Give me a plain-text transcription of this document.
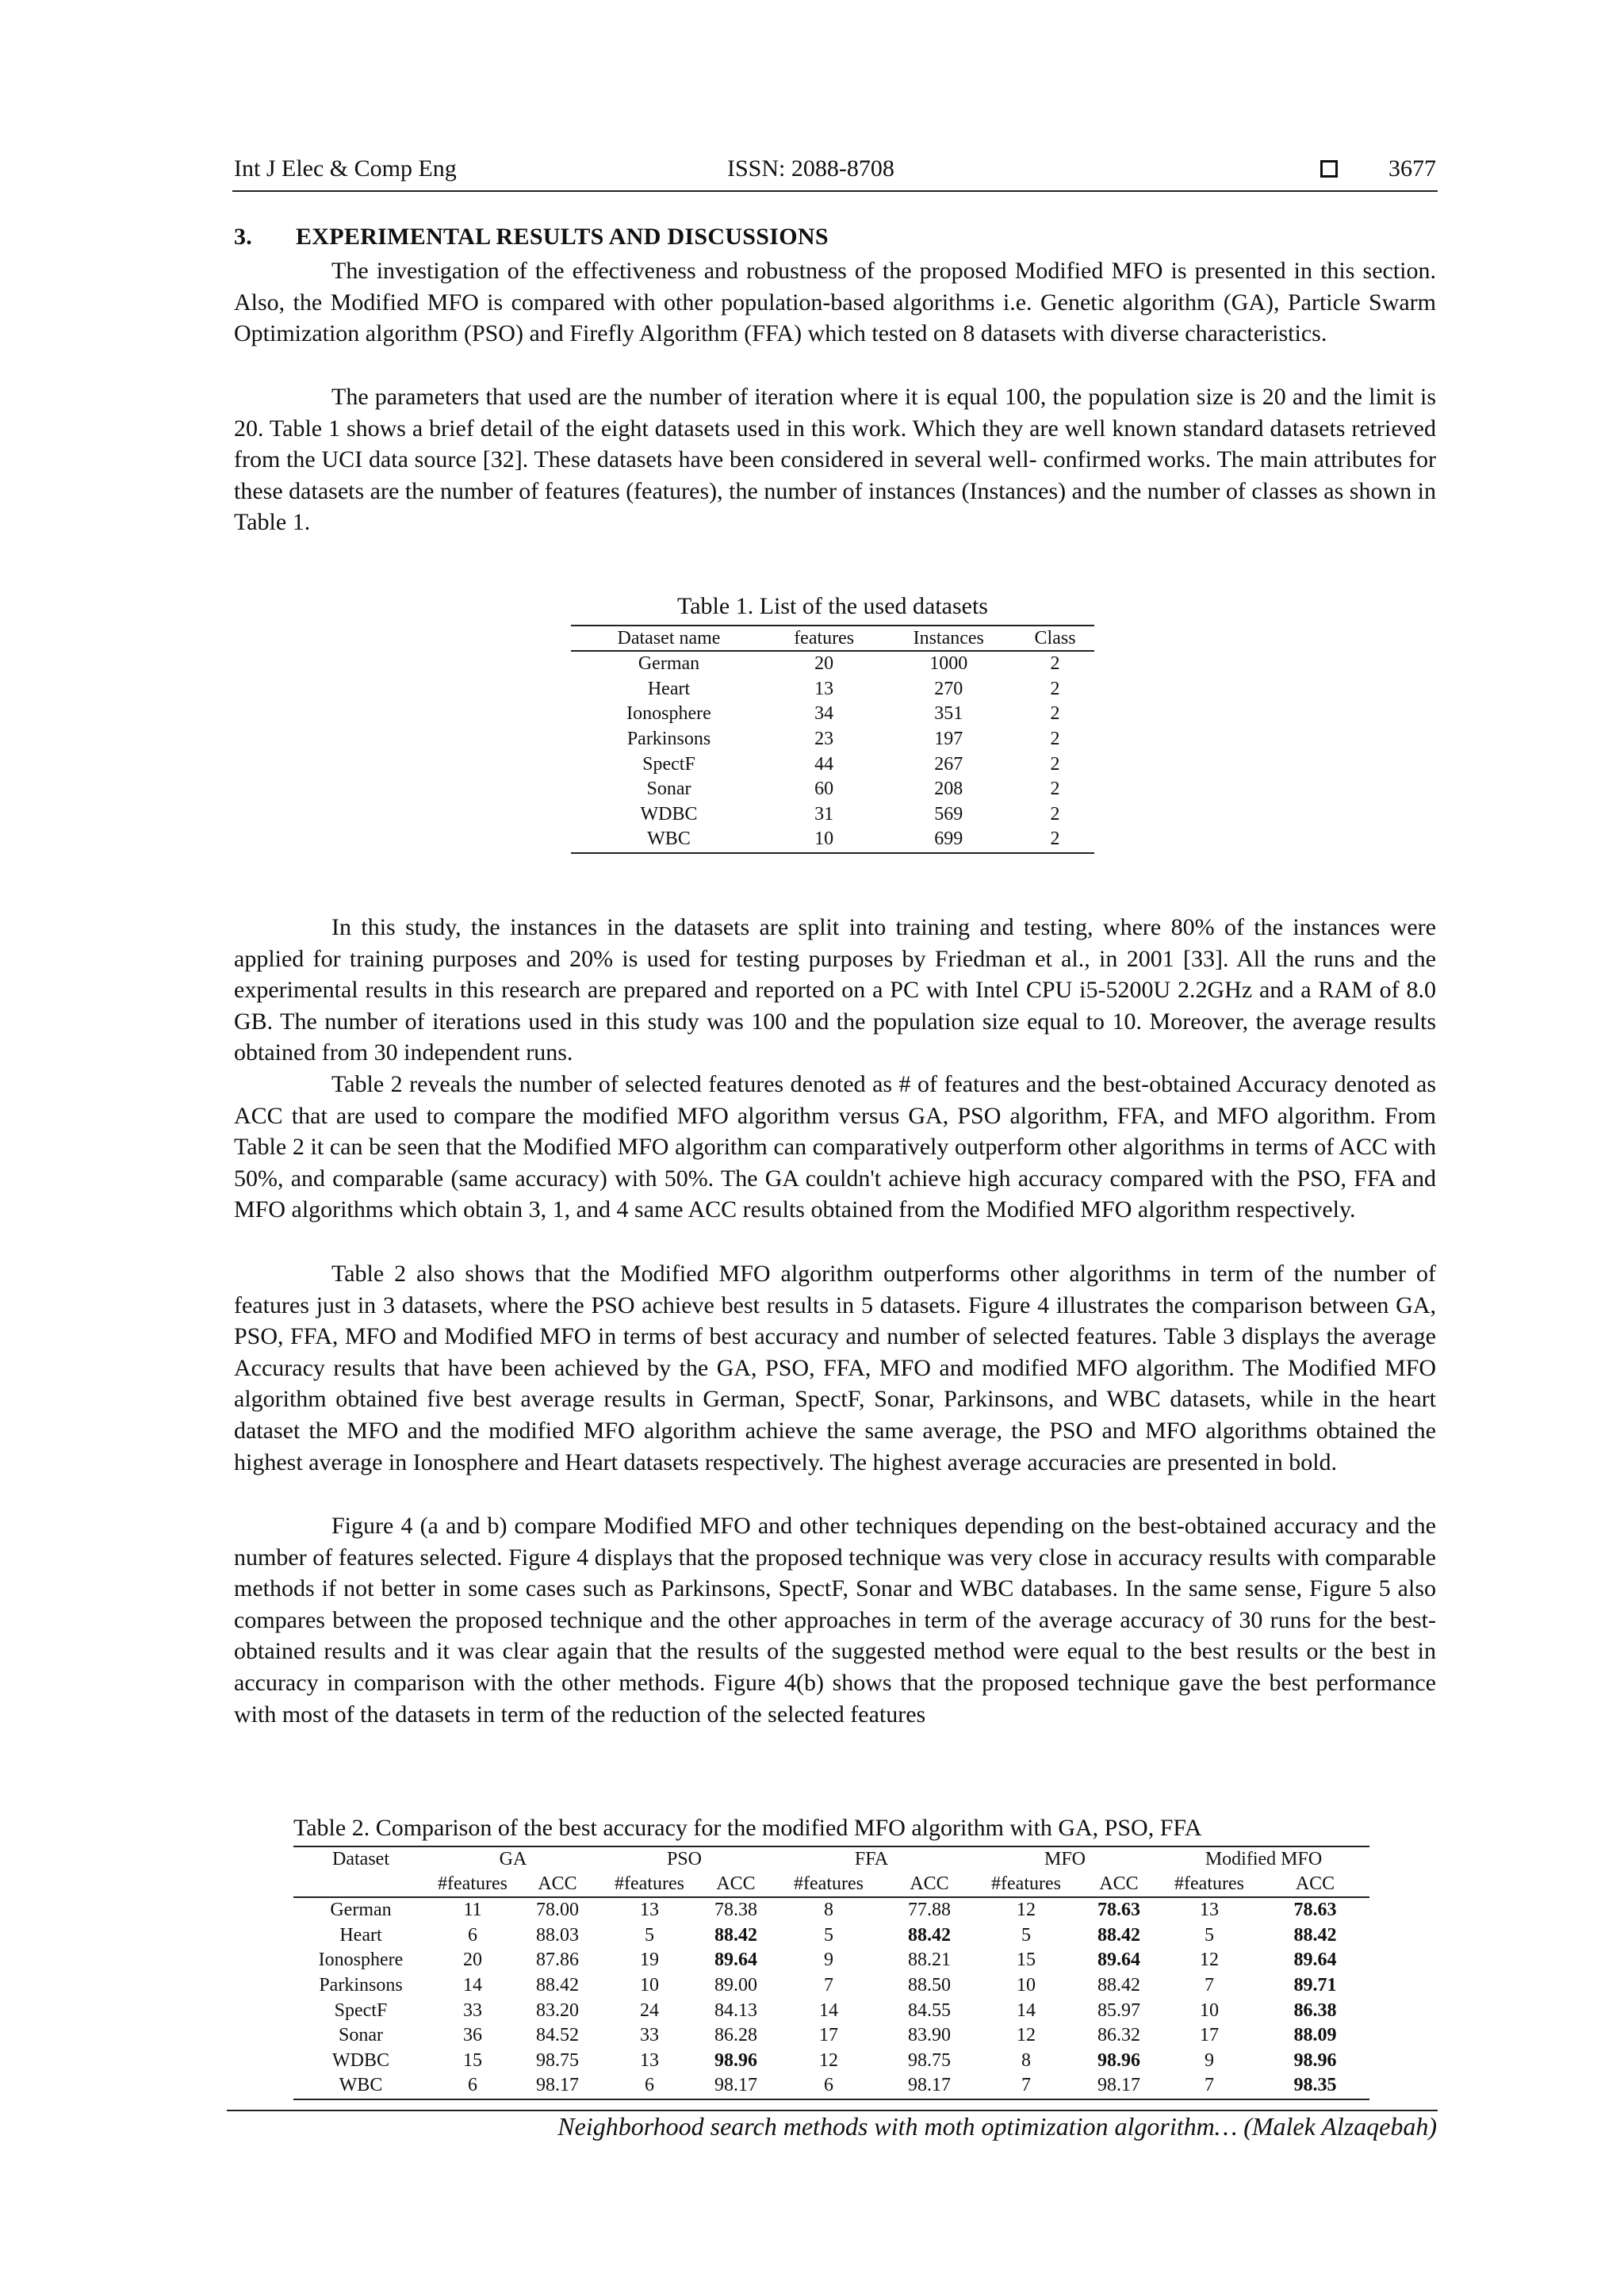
Int J Elec & Comp Eng	ISSN: 2088-8708	3677
3. EXPERIMENTAL RESULTS AND DISCUSSIONS

The investigation of the effectiveness and robustness of the proposed Modified MFO is presented in this section. Also, the Modified MFO is compared with other population-based algorithms i.e. Genetic algorithm (GA), Particle Swarm Optimization algorithm (PSO) and Firefly Algorithm (FFA) which tested on 8 datasets with diverse characteristics.

The parameters that used are the number of iteration where it is equal 100, the population size is 20 and the limit is 20. Table 1 shows a brief detail of the eight datasets used in this work. Which they are well known standard datasets retrieved from the UCI data source [32]. These datasets have been considered in several well- confirmed works. The main attributes for these datasets are the number of features (features), the number of instances (Instances) and the number of classes as shown in Table 1.

Table 1. List of the used datasets
Dataset name	features	Instances	Class
German	20	1000	2
Heart	13	270	2
Ionosphere	34	351	2
Parkinsons	23	197	2
SpectF	44	267	2
Sonar	60	208	2
WDBC	31	569	2
WBC	10	699	2

In this study, the instances in the datasets are split into training and testing, where 80% of the instances were applied for training purposes and 20% is used for testing purposes by Friedman et al., in 2001 [33]. All the runs and the experimental results in this research are prepared and reported on a PC with Intel CPU i5-5200U 2.2GHz and a RAM of 8.0 GB. The number of iterations used in this study was 100 and the population size equal to 10. Moreover, the average results obtained from 30 independent runs.

Table 2 reveals the number of selected features denoted as # of features and the best-obtained Accuracy denoted as ACC that are used to compare the modified MFO algorithm versus GA, PSO algorithm, FFA, and MFO algorithm. From Table 2 it can be seen that the Modified MFO algorithm can comparatively outperform other algorithms in terms of ACC with 50%, and comparable (same accuracy) with 50%. The GA couldn't achieve high accuracy compared with the PSO, FFA and MFO algorithms which obtain 3, 1, and 4 same ACC results obtained from the Modified MFO algorithm respectively.

Table 2 also shows that the Modified MFO algorithm outperforms other algorithms in term of the number of features just in 3 datasets, where the PSO achieve best results in 5 datasets. Figure 4 illustrates the comparison between GA, PSO, FFA, MFO and Modified MFO in terms of best accuracy and number of selected features. Table 3 displays the average Accuracy results that have been achieved by the GA, PSO, FFA, MFO and modified MFO algorithm. The Modified MFO algorithm obtained five best average results in German, SpectF, Sonar, Parkinsons, and WBC datasets, while in the heart dataset the MFO and the modified MFO algorithm achieve the same average, the PSO and MFO algorithms obtained the highest average in Ionosphere and Heart datasets respectively. The highest average accuracies are presented in bold.

Figure 4 (a and b) compare Modified MFO and other techniques depending on the best-obtained accuracy and the number of features selected. Figure 4 displays that the proposed technique was very close in accuracy results with comparable methods if not better in some cases such as Parkinsons, SpectF, Sonar and WBC databases. In the same sense, Figure 5 also compares between the proposed technique and the other approaches in term of the average accuracy of 30 runs for the best-obtained results and it was clear again that the results of the suggested method were equal to the best results or the best in accuracy in comparison with the other methods. Figure 4(b) shows that the proposed technique gave the best performance with most of the datasets in term of the reduction of the selected features

Table 2. Comparison of the best accuracy for the modified MFO algorithm with GA, PSO, FFA
Dataset	GA		PSO		FFA		MFO		Modified MFO	
	#features	ACC	#features	ACC	#features	ACC	#features	ACC	#features	ACC
German	11	78.00	13	78.38	8	77.88	12	78.63	13	78.63
Heart	6	88.03	5	88.42	5	88.42	5	88.42	5	88.42
Ionosphere	20	87.86	19	89.64	9	88.21	15	89.64	12	89.64
Parkinsons	14	88.42	10	89.00	7	88.50	10	88.42	7	89.71
SpectF	33	83.20	24	84.13	14	84.55	14	85.97	10	86.38
Sonar	36	84.52	33	86.28	17	83.90	12	86.32	17	88.09
WDBC	15	98.75	13	98.96	12	98.75	8	98.96	9	98.96
WBC	6	98.17	6	98.17	6	98.17	7	98.17	7	98.35
Neighborhood search methods with moth optimization algorithm… (Malek Alzaqebah)
